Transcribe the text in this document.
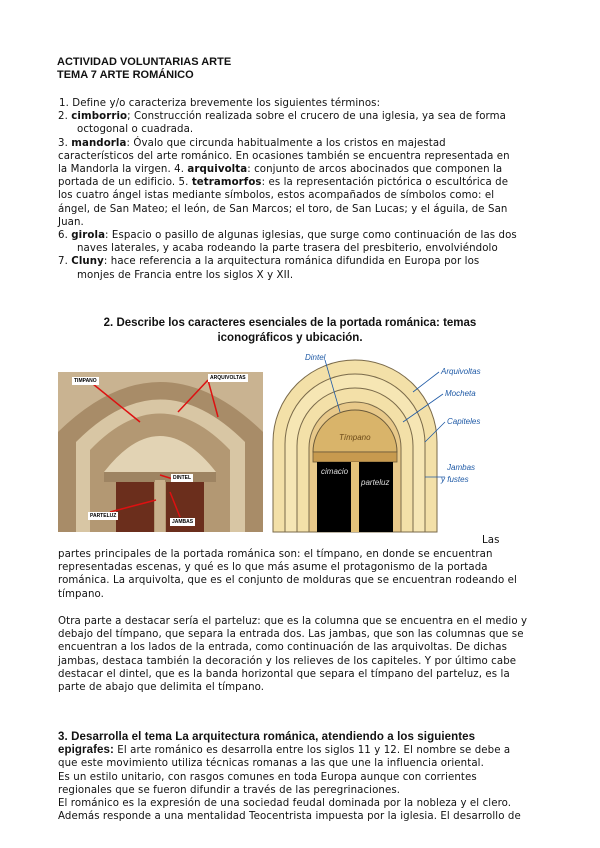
ACTIVIDAD VOLUNTARIAS ARTE
TEMA 7 ARTE ROMÁNICO
1. Define y/o caracteriza brevemente los siguientes términos:
2. cimborrio; Construcción realizada sobre el crucero de una iglesia, ya sea de forma
octogonal o cuadrada.
3. mandorla: Óvalo que circunda habitualmente a los cristos en majestad
característicos del arte románico. En ocasiones también se encuentra representada en
la Mandorla la virgen. 4. arquivolta: conjunto de arcos abocinados que componen la
portada de un edificio. 5. tetramorfos: es la representación pictórica o escultórica de
los cuatro ángel istas mediante símbolos, estos acompañados de símbolos como: el
ángel, de San Mateo; el león, de San Marcos; el toro, de San Lucas; y el águila, de San
Juan.
6. girola: Espacio o pasillo de algunas iglesias, que surge como continuación de las dos
naves laterales, y acaba rodeando la parte trasera del presbiterio, envolviéndolo
7. Cluny: hace referencia a la arquitectura románica difundida en Europa por los
monjes de Francia entre los siglos X y XII.
2. Describe los caracteres esenciales de la portada románica: temas
iconográficos y ubicación.
TIMPANO	ARQUIVOLTAS
DINTEL
PARTELUZ
JAMBAS
Dintel
Arquivoltas
Mocheta
Capiteles
Tímpano
cimacio
parteluz
Jambas
y fustes
Las
partes principales de la portada románica son: el tímpano, en donde se encuentran
representadas escenas, y qué es lo que más asume el protagonismo de la portada
románica. La arquivolta, que es el conjunto de molduras que se encuentran rodeando el
tímpano.
Otra parte a destacar sería el parteluz: que es la columna que se encuentra en el medio y
debajo del tímpano, que separa la entrada dos. Las jambas, que son las columnas que se
encuentran a los lados de la entrada, como continuación de las arquivoltas. De dichas
jambas, destaca también la decoración y los relieves de los capiteles. Y por último cabe
destacar el dintel, que es la banda horizontal que separa el tímpano del parteluz, es la
parte de abajo que delimita el tímpano.
3. Desarrolla el tema La arquitectura románica, atendiendo a los siguientes
epigrafes: El arte románico es desarrolla entre los siglos 11 y 12. El nombre se debe a
que este movimiento utiliza técnicas romanas a las que une la influencia oriental.
Es un estilo unitario, con rasgos comunes en toda Europa aunque con corrientes
regionales que se fueron difundir a través de las peregrinaciones.
El románico es la expresión de una sociedad feudal dominada por la nobleza y el clero.
Además responde a una mentalidad Teocentrista impuesta por la iglesia. El desarrollo de
